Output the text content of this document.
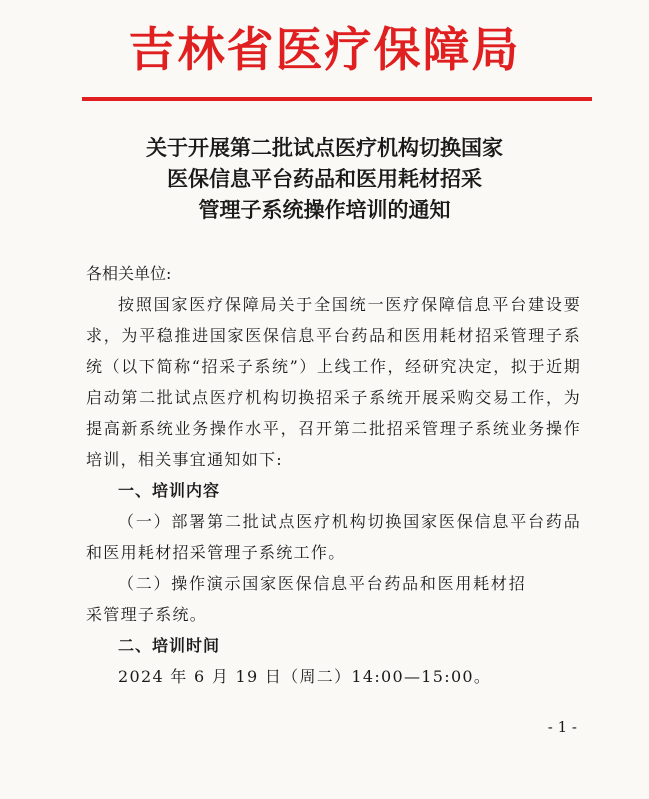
吉林省医疗保障局
关于开展第二批试点医疗机构切换国家
医保信息平台药品和医用耗材招采
管理子系统操作培训的通知

各相关单位:

按照国家医疗保障局关于全国统一医疗保障信息平台建设要求，为平稳推进国家医保信息平台药品和医用耗材招采管理子系统（以下简称“招采子系统”）上线工作，经研究决定，拟于近期启动第二批试点医疗机构切换招采子系统开展采购交易工作，为提高新系统业务操作水平，召开第二批招采管理子系统业务操作培训，相关事宜通知如下:

一、培训内容

（一）部署第二批试点医疗机构切换国家医保信息平台药品和医用耗材招采管理子系统工作。

（二）操作演示国家医保信息平台药品和医用耗材招采管理子系统。

二、培训时间

2024 年 6 月 19 日（周二）14:00—15:00。

- 1 -
